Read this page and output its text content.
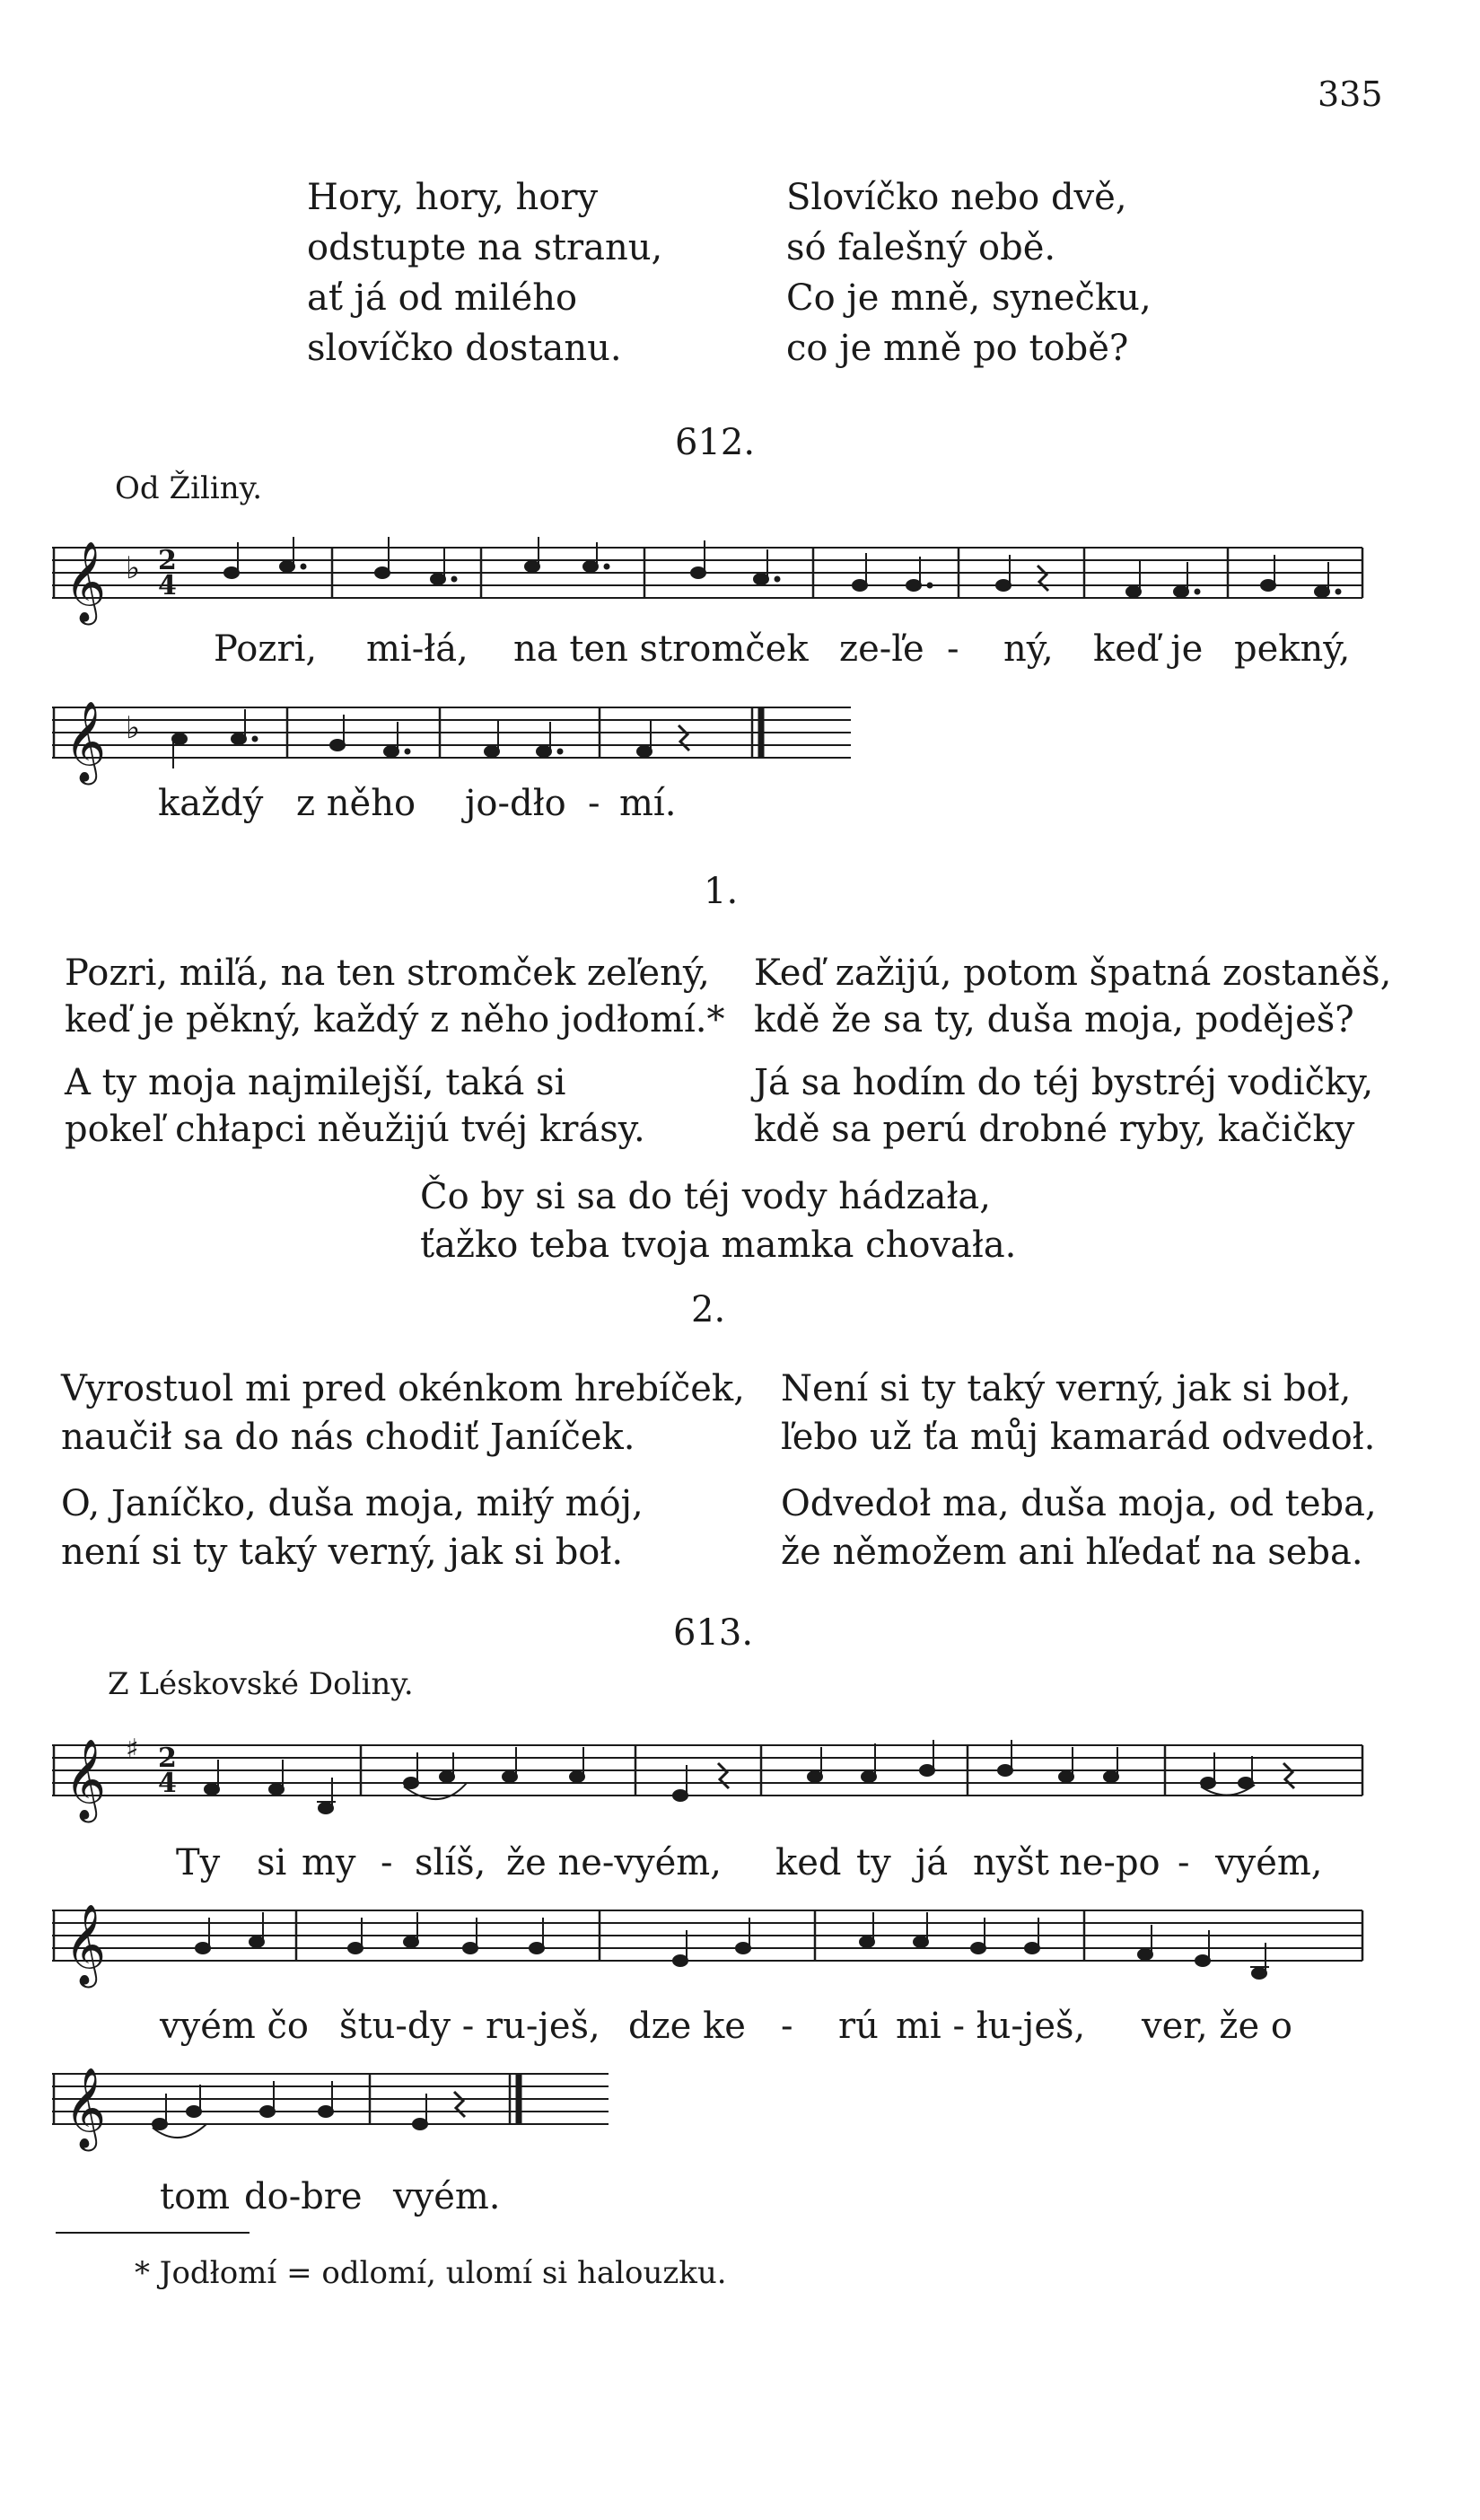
335
Hory, hory, hory
odstupte na stranu,
ať já od milého
slovíčko dostanu.
Slovíčko nebo dvě,
só falešný obě.
Co je mně, synečku,
co je mně po tobě?
612.
Od Žiliny.
𝄞 ♭ 2
4
Pozri, mi-łá, na ten stromček ze-ľe - ný, keď je pekný,
𝄞 ♭
každý z něho jo-dło - mí.
1.
Pozri, miľá, na ten stromček zeľený,
keď je pěkný, každý z něho jodłomí.*
A ty moja najmilejší, taká si
pokeľ chłapci něužijú tvéj krásy.
Keď zažijú, potom špatná zostaněš,
kdě že sa ty, duša moja, poděješ?
Já sa hodím do téj bystréj vodičky,
kdě sa perú drobné ryby, kačičky
Čo by si sa do téj vody hádzała,
ťažko teba tvoja mamka chovała.
2.
Vyrostuol mi pred okénkom hrebíček,
naučił sa do nás chodiť Janíček.
O, Janíčko, duša moja, miłý mój,
není si ty taký verný, jak si boł.
Není si ty taký verný, jak si boł,
ľebo už ťa můj kamarád odvedoł.
Odvedoł ma, duša moja, od teba,
že němožem ani hľedať na seba.
613.
Z Léskovské Doliny.
𝄞 ♯ 2
4
Ty si my - slíš, že ne-vyém, ked ty já nyšt ne-po - vyém,
𝄞
vyém čo štu-dy - ru-ješ, dze ke - rú mi - łu-ješ, ver, že o
𝄞
tom do-bre vyém.
* Jodłomí = odlomí, ulomí si halouzku.
